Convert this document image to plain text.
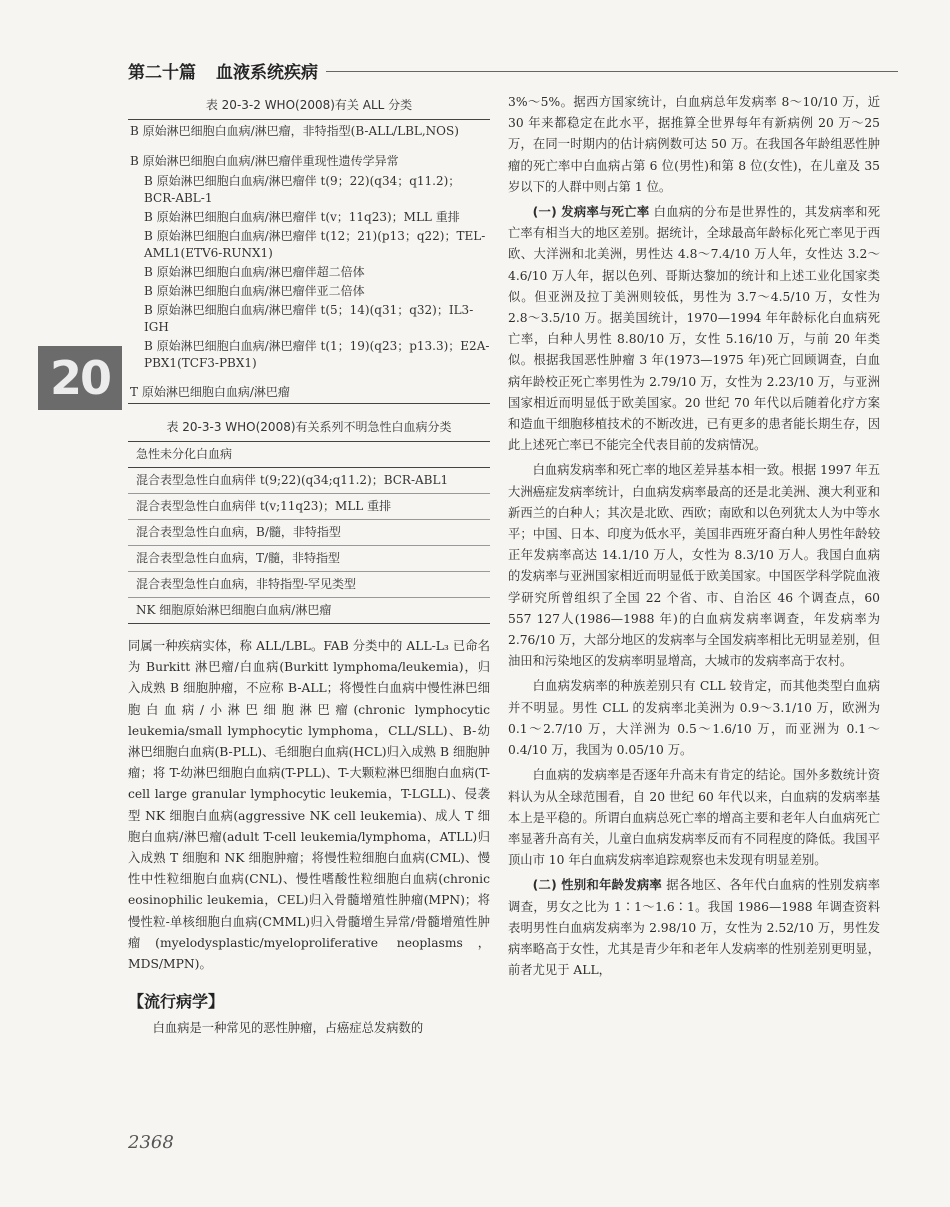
第二十篇 血液系统疾病
20
表 20-3-2 WHO(2008)有关 ALL 分类
B 原始淋巴细胞白血病/淋巴瘤，非特指型(B-ALL/LBL,NOS)
B 原始淋巴细胞白血病/淋巴瘤伴重现性遗传学异常
B 原始淋巴细胞白血病/淋巴瘤伴 t(9；22)(q34；q11.2)；BCR-ABL-1
B 原始淋巴细胞白血病/淋巴瘤伴 t(v；11q23)；MLL 重排
B 原始淋巴细胞白血病/淋巴瘤伴 t(12；21)(p13；q22)；TEL-AML1(ETV6-RUNX1)
B 原始淋巴细胞白血病/淋巴瘤伴超二倍体
B 原始淋巴细胞白血病/淋巴瘤伴亚二倍体
B 原始淋巴细胞白血病/淋巴瘤伴 t(5；14)(q31；q32)；IL3-IGH
B 原始淋巴细胞白血病/淋巴瘤伴 t(1；19)(q23；p13.3)；E2A-PBX1(TCF3-PBX1)
T 原始淋巴细胞白血病/淋巴瘤
表 20-3-3 WHO(2008)有关系列不明急性白血病分类
急性未分化白血病
混合表型急性白血病伴 t(9;22)(q34;q11.2)；BCR-ABL1
混合表型急性白血病伴 t(v;11q23)；MLL 重排
混合表型急性白血病，B/髓，非特指型
混合表型急性白血病，T/髓，非特指型
混合表型急性白血病，非特指型-罕见类型
NK 细胞原始淋巴细胞白血病/淋巴瘤

同属一种疾病实体，称 ALL/LBL。FAB 分类中的 ALL-L₃ 已命名为 Burkitt 淋巴瘤/白血病(Burkitt lymphoma/leukemia)，归入成熟 B 细胞肿瘤，不应称 B-ALL；将慢性白血病中慢性淋巴细胞白血病/小淋巴细胞淋巴瘤(chronic lymphocytic leukemia/small lymphocytic lymphoma，CLL/SLL)、B-幼淋巴细胞白血病(B-PLL)、毛细胞白血病(HCL)归入成熟 B 细胞肿瘤；将 T-幼淋巴细胞白血病(T-PLL)、T-大颗粒淋巴细胞白血病(T-cell large granular lymphocytic leukemia，T-LGLL)、侵袭型 NK 细胞白血病(aggressive NK cell leukemia)、成人 T 细胞白血病/淋巴瘤(adult T-cell leukemia/lymphoma，ATLL)归入成熟 T 细胞和 NK 细胞肿瘤；将慢性粒细胞白血病(CML)、慢性中性粒细胞白血病(CNL)、慢性嗜酸性粒细胞白血病(chronic eosinophilic leukemia，CEL)归入骨髓增殖性肿瘤(MPN)；将慢性粒-单核细胞白血病(CMML)归入骨髓增生异常/骨髓增殖性肿瘤(myelodysplastic/myeloproliferative neoplasms，MDS/MPN)。

【流行病学】

白血病是一种常见的恶性肿瘤，占癌症总发病数的

3%～5%。据西方国家统计，白血病总年发病率 8～10/10 万，近 30 年来都稳定在此水平，据推算全世界每年有新病例 20 万～25 万，在同一时期内的估计病例数可达 50 万。在我国各年龄组恶性肿瘤的死亡率中白血病占第 6 位(男性)和第 8 位(女性)，在儿童及 35 岁以下的人群中则占第 1 位。

(一) 发病率与死亡率 白血病的分布是世界性的，其发病率和死亡率有相当大的地区差别。据统计，全球最高年龄标化死亡率见于西欧、大洋洲和北美洲，男性达 4.8～7.4/10 万人年，女性达 3.2～4.6/10 万人年，据以色列、哥斯达黎加的统计和上述工业化国家类似。但亚洲及拉丁美洲则较低，男性为 3.7～4.5/10 万，女性为 2.8～3.5/10 万。据美国统计，1970—1994 年年龄标化白血病死亡率，白种人男性 8.80/10 万，女性 5.16/10 万，与前 20 年类似。根据我国恶性肿瘤 3 年(1973—1975 年)死亡回顾调查，白血病年龄校正死亡率男性为 2.79/10 万，女性为 2.23/10 万，与亚洲国家相近而明显低于欧美国家。20 世纪 70 年代以后随着化疗方案和造血干细胞移植技术的不断改进，已有更多的患者能长期生存，因此上述死亡率已不能完全代表目前的发病情况。

白血病发病率和死亡率的地区差异基本相一致。根据 1997 年五大洲癌症发病率统计，白血病发病率最高的还是北美洲、澳大利亚和新西兰的白种人；其次是北欧、西欧；南欧和以色列犹太人为中等水平；中国、日本、印度为低水平，美国非西班牙裔白种人男性年龄较正年发病率高达 14.1/10 万人，女性为 8.3/10 万人。我国白血病的发病率与亚洲国家相近而明显低于欧美国家。中国医学科学院血液学研究所曾组织了全国 22 个省、市、自治区 46 个调查点，60 557 127人(1986—1988 年)的白血病发病率调查，年发病率为 2.76/10 万，大部分地区的发病率与全国发病率相比无明显差别，但油田和污染地区的发病率明显增高，大城市的发病率高于农村。

白血病发病率的种族差别只有 CLL 较肯定，而其他类型白血病并不明显。男性 CLL 的发病率北美洲为 0.9～3.1/10 万，欧洲为 0.1～2.7/10 万，大洋洲为 0.5～1.6/10 万，而亚洲为 0.1～0.4/10 万，我国为 0.05/10 万。

白血病的发病率是否逐年升高未有肯定的结论。国外多数统计资料认为从全球范围看，自 20 世纪 60 年代以来，白血病的发病率基本上是平稳的。所谓白血病总死亡率的增高主要和老年人白血病死亡率显著升高有关，儿童白血病发病率反而有不同程度的降低。我国平顶山市 10 年白血病发病率追踪观察也未发现有明显差别。

(二) 性别和年龄发病率 据各地区、各年代白血病的性别发病率调查，男女之比为 1∶1～1.6∶1。我国 1986—1988 年调查资料表明男性白血病发病率为 2.98/10 万，女性为 2.52/10 万，男性发病率略高于女性，尤其是青少年和老年人发病率的性别差别更明显，前者尤见于 ALL，

2368
